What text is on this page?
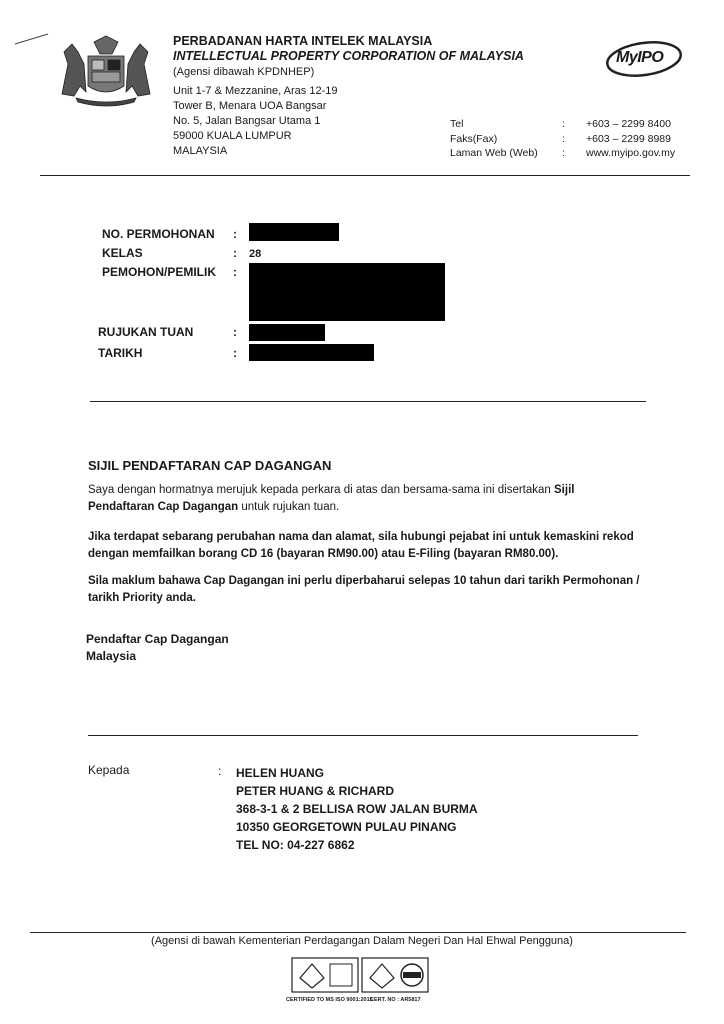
PERBADANAN HARTA INTELEK MALAYSIA
INTELLECTUAL PROPERTY CORPORATION OF MALAYSIA
(Agensi dibawah KPDNHEP)
Unit 1-7 & Mezzanine, Aras 12-19
Tower B, Menara UOA Bangsar
No. 5, Jalan Bangsar Utama 1
59000 KUALA LUMPUR
MALAYSIA
MyIPO
Tel	:	+603 – 2299 8400
Faks(Fax)	:	+603 – 2299 8989
Laman Web (Web)	:	www.myipo.gov.my
NO. PERMOHONAN :
KELAS	: 28
PEMOHON/PEMILIK :
RUJUKAN TUAN	:
TARIKH	:
SIJIL PENDAFTARAN CAP DAGANGAN
Saya dengan hormatnya merujuk kepada perkara di atas dan bersama-sama ini disertakan Sijil Pendaftaran Cap Dagangan untuk rujukan tuan.
Jika terdapat sebarang perubahan nama dan alamat, sila hubungi pejabat ini untuk kemaskini rekod dengan memfailkan borang CD 16 (bayaran RM90.00) atau E-Filing (bayaran RM80.00).
Sila maklum bahawa Cap Dagangan ini perlu diperbaharui selepas 10 tahun dari tarikh Permohonan / tarikh Priority anda.
Pendaftar Cap Dagangan
Malaysia
Kepada	: HELEN HUANG
PETER HUANG & RICHARD
368-3-1 & 2 BELLISA ROW JALAN BURMA
10350 GEORGETOWN PULAU PINANG
TEL NO: 04-227 6862
(Agensi di bawah Kementerian Perdagangan Dalam Negeri Dan Hal Ehwal Pengguna)
CERTIFIED TO MS ISO 9001:2015
CERT. NO : AR5817
